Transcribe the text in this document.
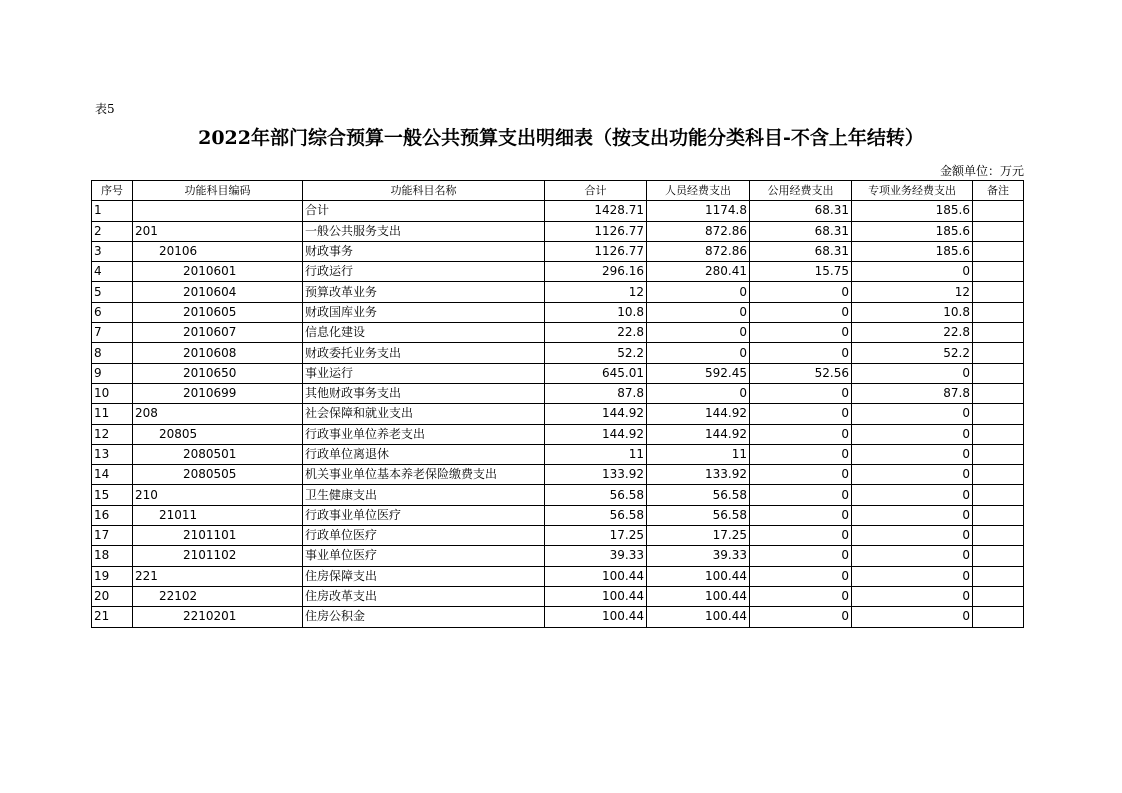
表5
2022年部门综合预算一般公共预算支出明细表（按支出功能分类科目-不含上年结转）
金额单位：万元
序号	功能科目编码	功能科目名称	合计	人员经费支出	公用经费支出	专项业务经费支出	备注
1		合计	1428.71	1174.8	68.31	185.6	
2	201	一般公共服务支出	1126.77	872.86	68.31	185.6	
3	20106	财政事务	1126.77	872.86	68.31	185.6	
4	2010601	行政运行	296.16	280.41	15.75	0	
5	2010604	预算改革业务	12	0	0	12	
6	2010605	财政国库业务	10.8	0	0	10.8	
7	2010607	信息化建设	22.8	0	0	22.8	
8	2010608	财政委托业务支出	52.2	0	0	52.2	
9	2010650	事业运行	645.01	592.45	52.56	0	
10	2010699	其他财政事务支出	87.8	0	0	87.8	
11	208	社会保障和就业支出	144.92	144.92	0	0	
12	20805	行政事业单位养老支出	144.92	144.92	0	0	
13	2080501	行政单位离退休	11	11	0	0	
14	2080505	机关事业单位基本养老保险缴费支出	133.92	133.92	0	0	
15	210	卫生健康支出	56.58	56.58	0	0	
16	21011	行政事业单位医疗	56.58	56.58	0	0	
17	2101101	行政单位医疗	17.25	17.25	0	0	
18	2101102	事业单位医疗	39.33	39.33	0	0	
19	221	住房保障支出	100.44	100.44	0	0	
20	22102	住房改革支出	100.44	100.44	0	0	
21	2210201	住房公积金	100.44	100.44	0	0	
